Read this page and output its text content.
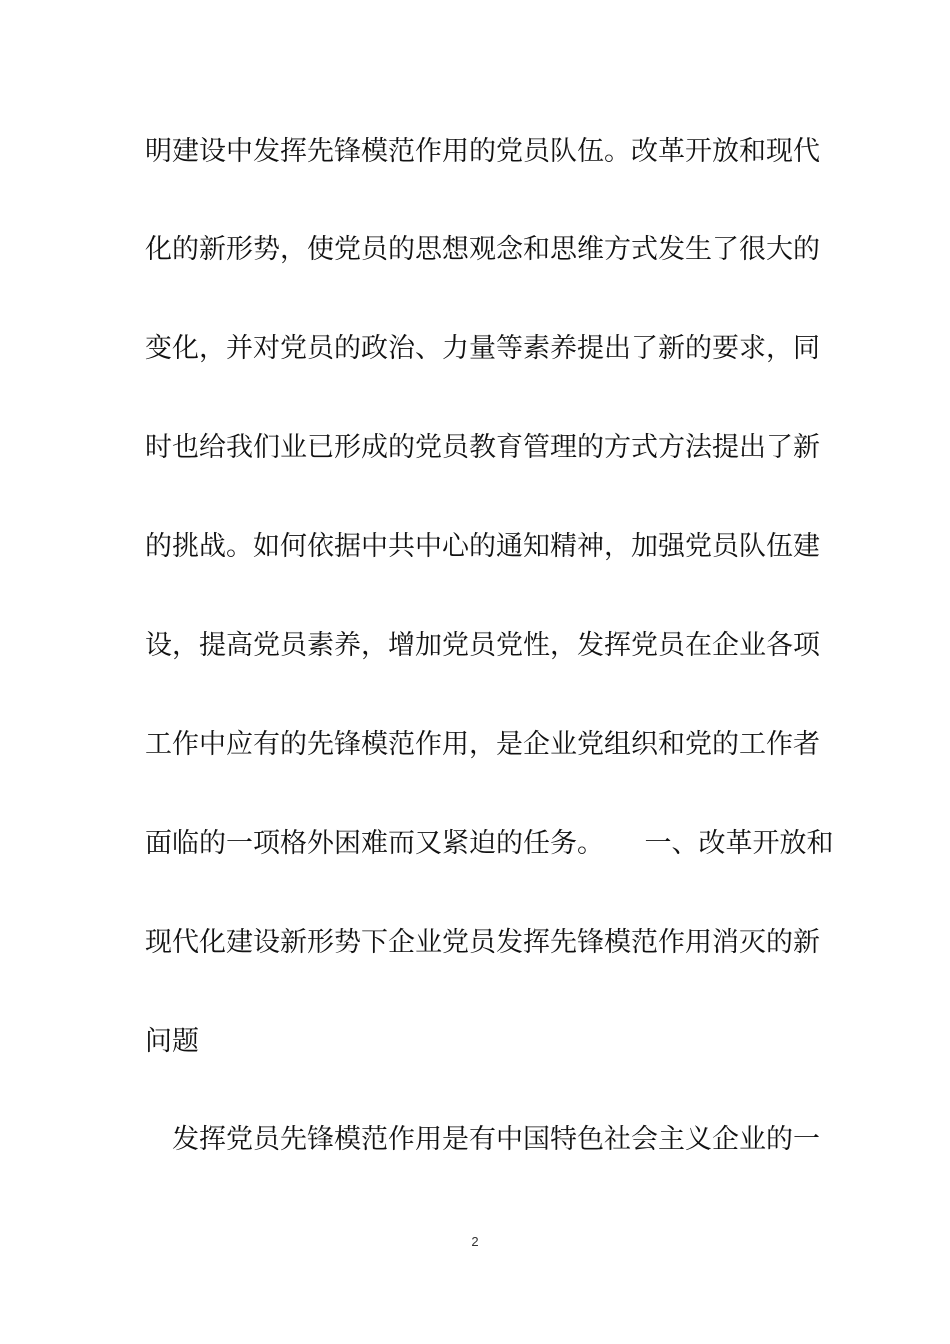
明建设中发挥先锋模范作用的党员队伍。改革开放和现代
化的新形势，使党员的思想观念和思维方式发生了很大的
变化，并对党员的政治、力量等素养提出了新的要求，同
时也给我们业已形成的党员教育管理的方式方法提出了新
的挑战。如何依据中共中心的通知精神，加强党员队伍建
设，提高党员素养，增加党员党性，发挥党员在企业各项
工作中应有的先锋模范作用，是企业党组织和党的工作者
面临的一项格外困难而又紧迫的任务。　　一、改革开放和
现代化建设新形势下企业党员发挥先锋模范作用消灭的新
问题
　发挥党员先锋模范作用是有中国特色社会主义企业的一
2
